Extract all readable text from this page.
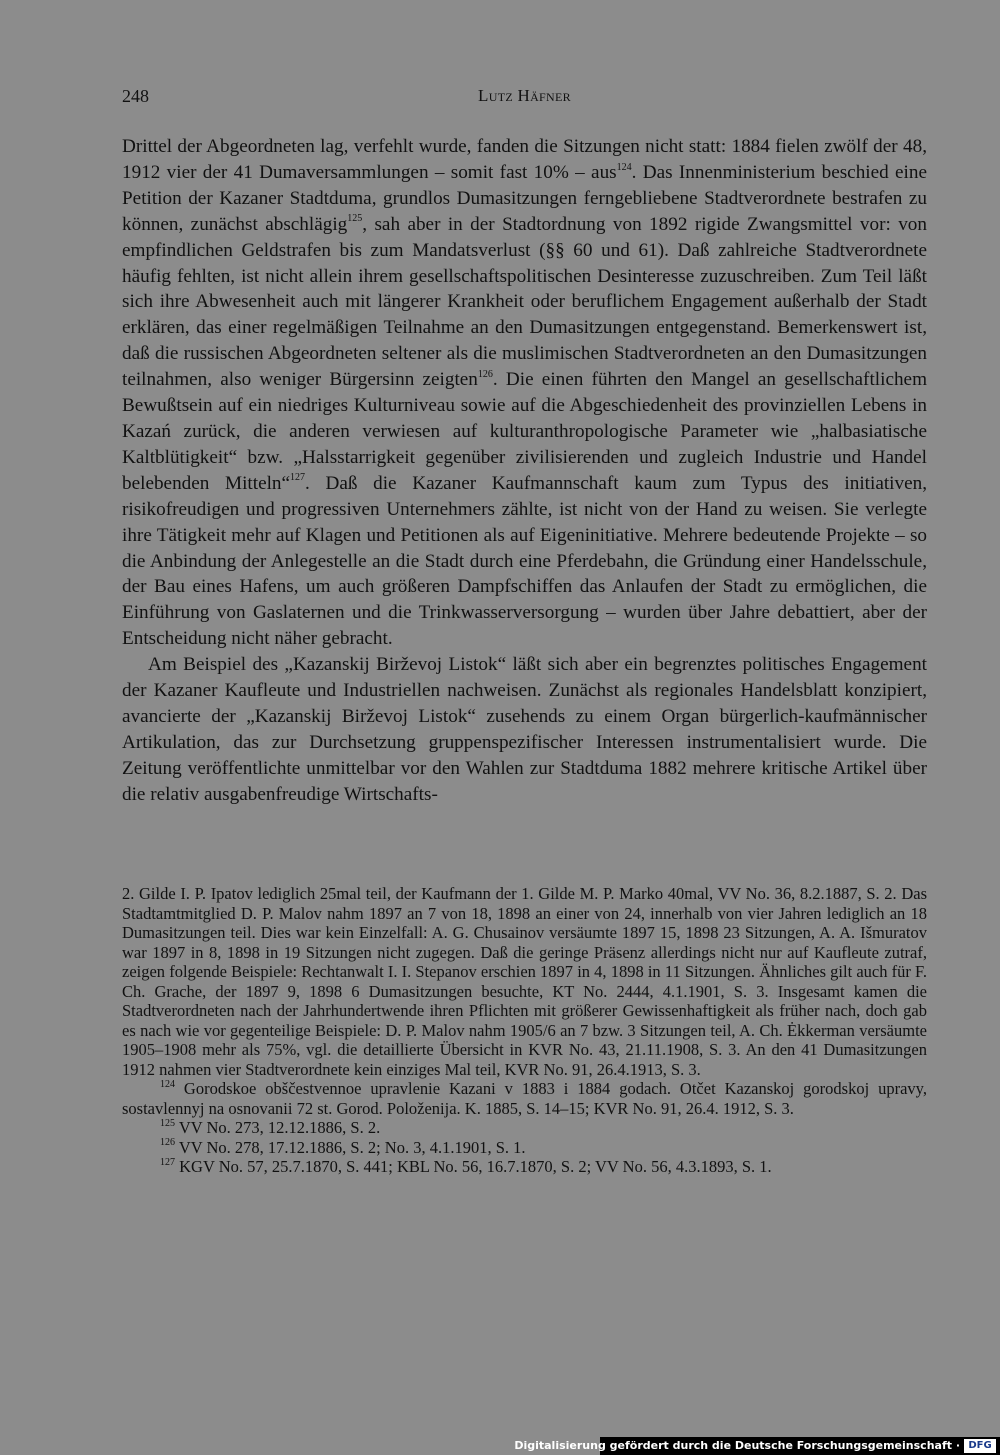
248	Lutz Häfner

Drittel der Abgeordneten lag, verfehlt wurde, fanden die Sitzungen nicht statt: 1884 fielen zwölf der 48, 1912 vier der 41 Dumaversammlungen – somit fast 10% – aus$^{124}$. Das Innenministerium beschied eine Petition der Kazaner Stadtduma, grundlos Dumasitzungen ferngebliebene Stadtverordnete bestrafen zu können, zunächst abschlägig$^{125}$, sah aber in der Stadtordnung von 1892 rigide Zwangsmittel vor: von empfindlichen Geldstrafen bis zum Mandatsverlust (§§ 60 und 61). Daß zahlreiche Stadtverordnete häufig fehlten, ist nicht allein ihrem gesellschaftspolitischen Desinteresse zuzuschreiben. Zum Teil läßt sich ihre Abwesenheit auch mit längerer Krankheit oder beruflichem Engagement außerhalb der Stadt erklären, das einer regelmäßigen Teilnahme an den Dumasitzungen entgegenstand. Bemerkenswert ist, daß die russischen Abgeordneten seltener als die muslimischen Stadtverordneten an den Dumasitzungen teilnahmen, also weniger Bürgersinn zeigten$^{126}$. Die einen führten den Mangel an gesellschaftlichem Bewußtsein auf ein niedriges Kulturniveau sowie auf die Abgeschiedenheit des provinziellen Lebens in Kazań zurück, die anderen verwiesen auf kulturanthropologische Parameter wie „halbasiatische Kaltblütigkeit“ bzw. „Halsstarrigkeit gegenüber zivilisierenden und zugleich Industrie und Handel belebenden Mitteln“$^{127}$. Daß die Kazaner Kaufmannschaft kaum zum Typus des initiativen, risikofreudigen und progressiven Unternehmers zählte, ist nicht von der Hand zu weisen. Sie verlegte ihre Tätigkeit mehr auf Klagen und Petitionen als auf Eigeninitiative. Mehrere bedeutende Projekte – so die Anbindung der Anlegestelle an die Stadt durch eine Pferdebahn, die Gründung einer Handelsschule, der Bau eines Hafens, um auch größeren Dampfschiffen das Anlaufen der Stadt zu ermöglichen, die Einführung von Gaslaternen und die Trinkwasserversorgung – wurden über Jahre debattiert, aber der Entscheidung nicht näher gebracht.

Am Beispiel des „Kazanskij Birževoj Listok“ läßt sich aber ein begrenztes politisches Engagement der Kazaner Kaufleute und Industriellen nachweisen. Zunächst als regionales Handelsblatt konzipiert, avancierte der „Kazanskij Birževoj Listok“ zusehends zu einem Organ bürgerlich-kaufmännischer Artikulation, das zur Durchsetzung gruppenspezifischer Interessen instrumentalisiert wurde. Die Zeitung veröffentlichte unmittelbar vor den Wahlen zur Stadtduma 1882 mehrere kritische Artikel über die relativ ausgabenfreudige Wirtschafts-

2. Gilde I. P. Ipatov lediglich 25mal teil, der Kaufmann der 1. Gilde M. P. Marko 40mal, VV No. 36, 8.2.1887, S. 2. Das Stadtamtmitglied D. P. Malov nahm 1897 an 7 von 18, 1898 an einer von 24, innerhalb von vier Jahren lediglich an 18 Dumasitzungen teil. Dies war kein Einzelfall: A. G. Chusainov versäumte 1897 15, 1898 23 Sitzungen, A. A. Išmuratov war 1897 in 8, 1898 in 19 Sitzungen nicht zugegen. Daß die geringe Präsenz allerdings nicht nur auf Kaufleute zutraf, zeigen folgende Beispiele: Rechtanwalt I. I. Stepanov erschien 1897 in 4, 1898 in 11 Sitzungen. Ähnliches gilt auch für F. Ch. Grache, der 1897 9, 1898 6 Dumasitzungen besuchte, KT No. 2444, 4.1.1901, S. 3. Insgesamt kamen die Stadtverordneten nach der Jahrhundertwende ihren Pflichten mit größerer Gewissenhaftigkeit als früher nach, doch gab es nach wie vor gegenteilige Beispiele: D. P. Malov nahm 1905/6 an 7 bzw. 3 Sitzungen teil, A. Ch. Ėkkerman versäumte 1905–1908 mehr als 75%, vgl. die detaillierte Übersicht in KVR No. 43, 21.11.1908, S. 3. An den 41 Dumasitzungen 1912 nahmen vier Stadtverordnete kein einziges Mal teil, KVR No. 91, 26.4.1913, S. 3.

$^{124}$ Gorodskoe obščestvennoe upravlenie Kazani v 1883 i 1884 godach. Otčet Kazanskoj gorodskoj upravy, sostavlennyj na osnovanii 72 st. Gorod. Položenija. K. 1885, S. 14–15; KVR No. 91, 26.4. 1912, S. 3.

$^{125}$ VV No. 273, 12.12.1886, S. 2.

$^{126}$ VV No. 278, 17.12.1886, S. 2; No. 3, 4.1.1901, S. 1.

$^{127}$ KGV No. 57, 25.7.1870, S. 441; KBL No. 56, 16.7.1870, S. 2; VV No. 56, 4.3.1893, S. 1.

Digitalisierung gefördert durch die Deutsche Forschungsgemeinschaft · DFG
